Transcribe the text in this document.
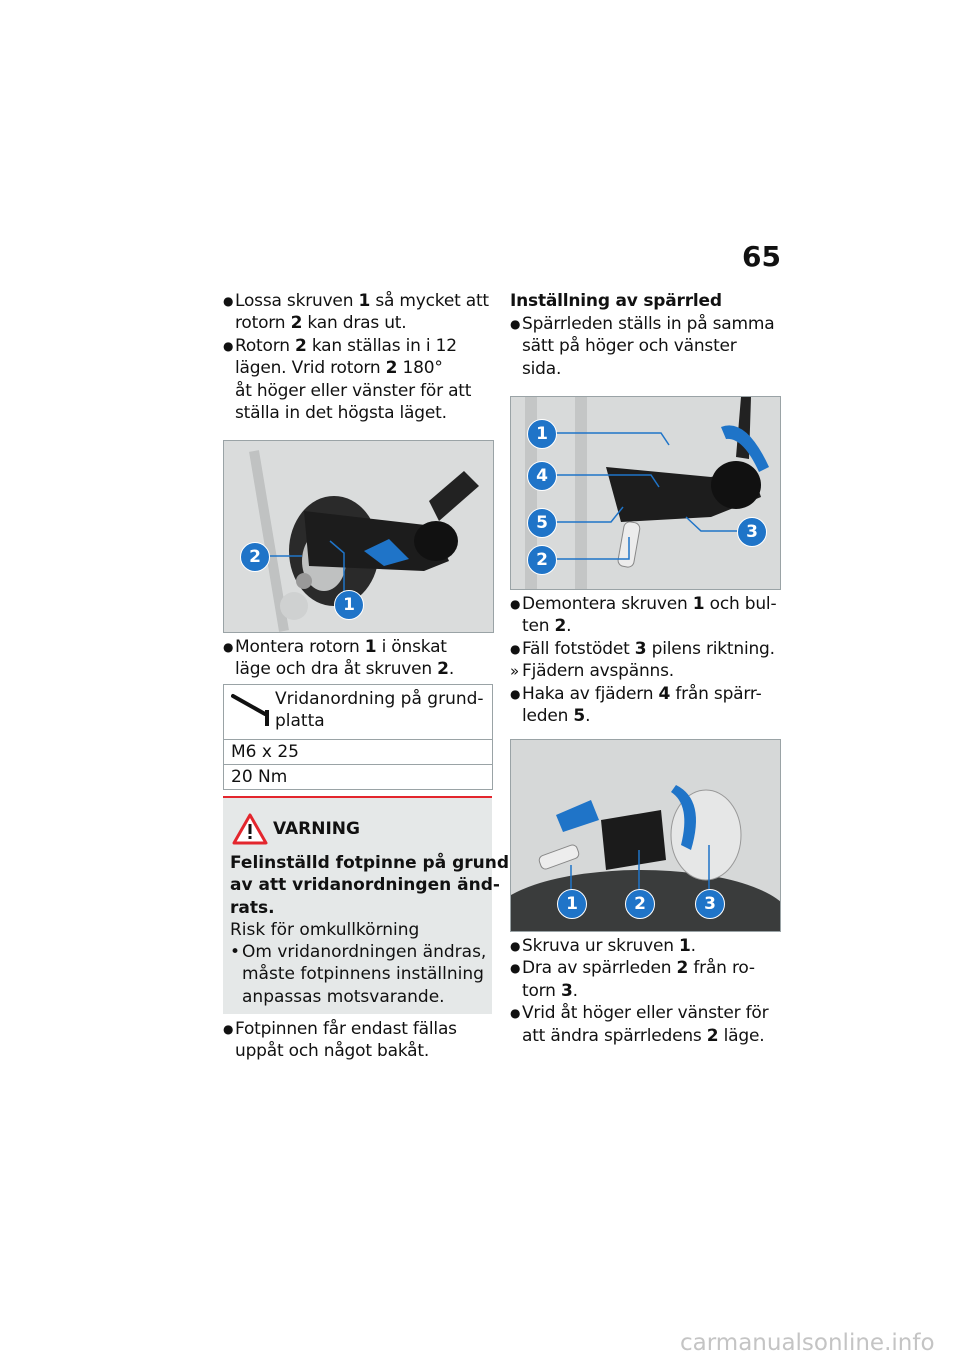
65
● Lossa skruven 1 så mycket att
rotorn 2 kan dras ut.
● Rotorn 2 kan ställas in i 12
lägen. Vrid rotorn 2 180°
åt höger eller vänster för att
ställa in det högsta läget.
2
1
● Montera rotorn 1 i önskat
läge och dra åt skruven 2.
Vridanordning på grund-
platta
M6 x 25
20 Nm
VARNING
Felinställd fotpinne på grund
av att vridanordningen änd-
rats.
Risk för omkullkörning
• Om vridanordningen ändras,
måste fotpinnens inställning
anpassas motsvarande.
● Fotpinnen får endast fällas
uppåt och något bakåt.
Inställning av spärrled
● Spärrleden ställs in på samma
sätt på höger och vänster
sida.
1
4
5
2
3
● Demontera skruven 1 och bul-
ten 2.
● Fäll fotstödet 3 pilens riktning.
» Fjädern avspänns.
● Haka av fjädern 4 från spärr-
leden 5.
1	2	3
● Skruva ur skruven 1.
● Dra av spärrleden 2 från ro-
torn 3.
● Vrid åt höger eller vänster för
att ändra spärrledens 2 läge.
carmanualsonline.info
